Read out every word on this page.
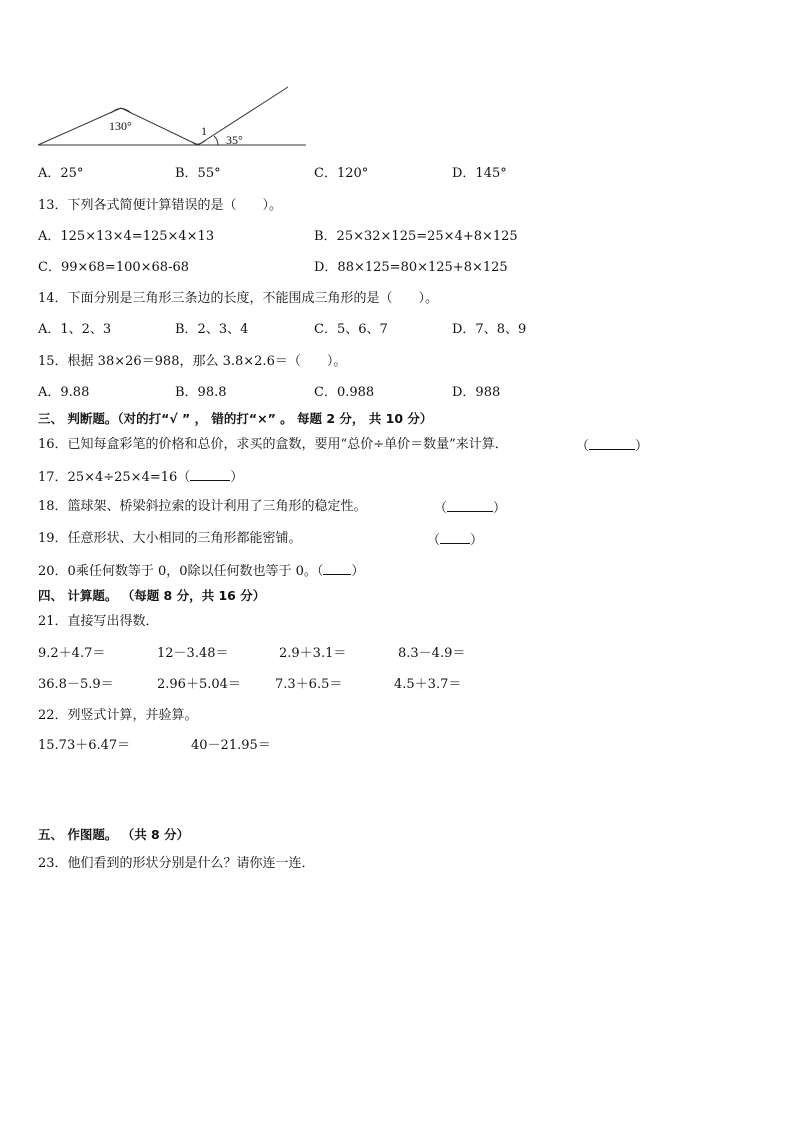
130°	1
35°
A．25°	B．55°	C．120°	D．145°
13．下列各式简便计算错误的是（　　）。
A．125×13×4=125×4×13	B．25×32×125=25×4+8×125
C．99×68=100×68-68	D．88×125=80×125+8×125
14．下面分别是三角形三条边的长度，不能围成三角形的是（　　）。
A．1、2、3	B．2、3、4	C．5、6、7	D．7、8、9
15．根据 38×26＝988，那么 3.8×2.6＝（　　）。
A．9.88	B．98.8	C．0.988	D．988
三、 判断题。（对的打“√ ” ， 错的打“×” 。 每题 2 分， 共 10 分）
16．已知每盒彩笔的价格和总价，求买的盒数，要用“总价÷单价＝数量”来计算．	（	）
17．25×4÷25×4=16（	）
18．篮球架、桥梁斜拉索的设计利用了三角形的稳定性。	（	）
19．任意形状、大小相同的三角形都能密铺。	（ ）
20．0乘任何数等于 0，0除以任何数也等于 0。（ ）
四、 计算题。 （每题 8 分，共 16 分）
21．直接写出得数．
9.2＋4.7＝	12－3.48＝	2.9＋3.1＝	8.3－4.9＝
36.8－5.9＝	2.96＋5.04＝	7.3＋6.5＝	4.5＋3.7＝
22．列竖式计算，并验算。
15.73＋6.47＝	40－21.95＝
五、 作图题。 （共 8 分）
23．他们看到的形状分别是什么？请你连一连．
